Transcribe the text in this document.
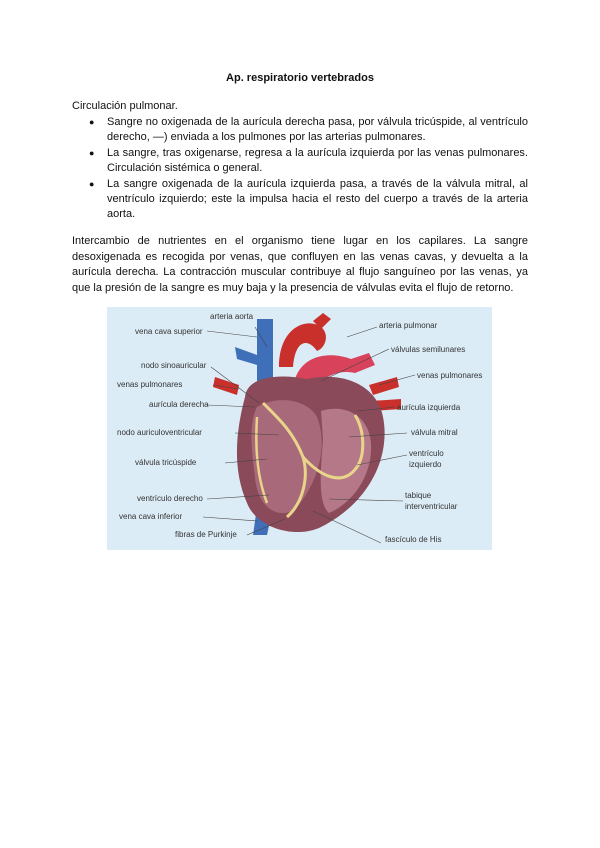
Ap. respiratorio vertebrados
Circulación pulmonar.
● Sangre no oxigenada de la aurícula derecha pasa, por válvula tricúspide, al ventrículo derecho, —) enviada a los pulmones por las arterias pulmonares.
● La sangre, tras oxigenarse, regresa a la aurícula izquierda por las venas pulmonares. Circulación sistémica o general.
● La sangre oxigenada de la aurícula izquierda pasa, a través de la válvula mitral, al ventrículo izquierdo; este la impulsa hacia el resto del cuerpo a través de la arteria aorta.

Intercambio de nutrientes en el organismo tiene lugar en los capilares. La sangre desoxigenada es recogida por venas, que confluyen en las venas cavas, y devuelta a la aurícula derecha. La contracción muscular contribuye al flujo sanguíneo por las venas, ya que la presión de la sangre es muy baja y la presencia de válvulas evita el flujo de retorno.

arteria aorta
vena cava superior
nodo sinoauricular
venas pulmonares
aurícula derecha
nodo auriculoventricular
válvula tricúspide
ventrículo derecho
vena cava inferior
fibras de Purkinje
arteria pulmonar
válvulas semilunares
venas pulmonares
aurícula izquierda
válvula mitral
ventrículo
izquierdo
tabique
interventricular
fascículo de His
